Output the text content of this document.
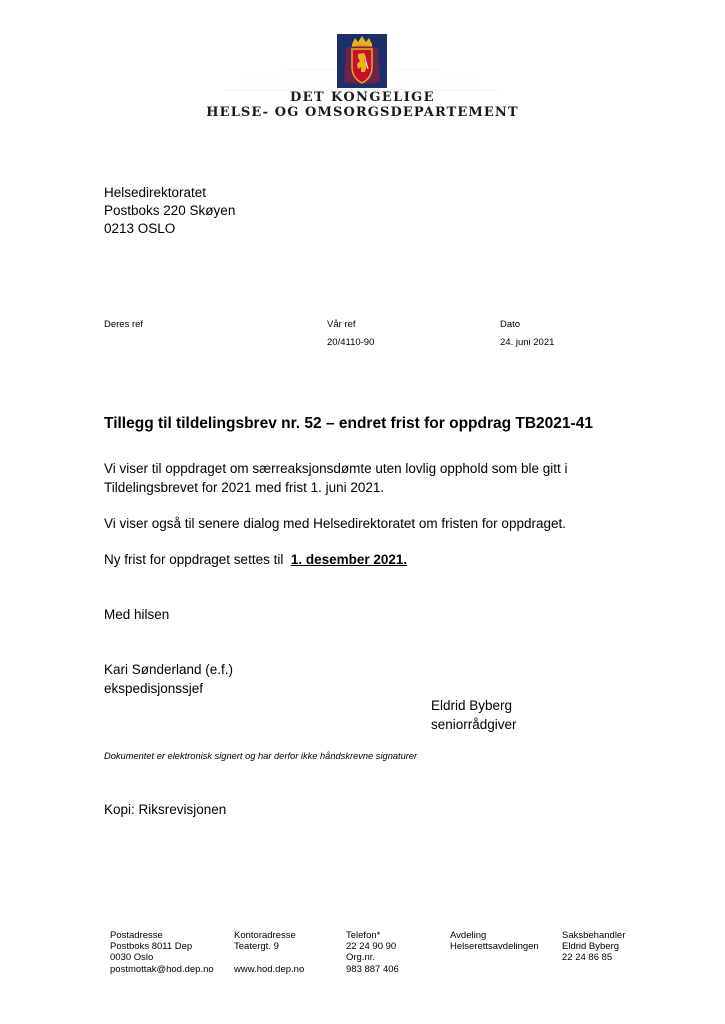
DET KONGELIGE
HELSE- OG OMSORGSDEPARTEMENT
Helsedirektoratet
Postboks 220 Skøyen
0213 OSLO
Deres ref	Vår ref
20/4110-90
Dato
24. juni 2021
Tillegg til tildelingsbrev nr. 52 – endret frist for oppdrag TB2021-41
Vi viser til oppdraget om særreaksjonsdømte uten lovlig opphold som ble gitt i
Tildelingsbrevet for 2021 med frist 1. juni 2021.
Vi viser også til senere dialog med Helsedirektoratet om fristen for oppdraget.
Ny frist for oppdraget settes til 1. desember 2021.
Med hilsen
Kari Sønderland (e.f.)
ekspedisjonssjef
Eldrid Byberg
seniorrådgiver
Dokumentet er elektronisk signert og har derfor ikke håndskrevne signaturer
Kopi: Riksrevisjonen
Postadresse
Postboks 8011 Dep
0030 Oslo
postmottak@hod.dep.no
Kontoradresse
Teatergt. 9

www.hod.dep.no
Telefon*
22 24 90 90
Org.nr.
983 887 406
Avdeling
Helserettsavdelingen
Saksbehandler
Eldrid Byberg
22 24 86 85
